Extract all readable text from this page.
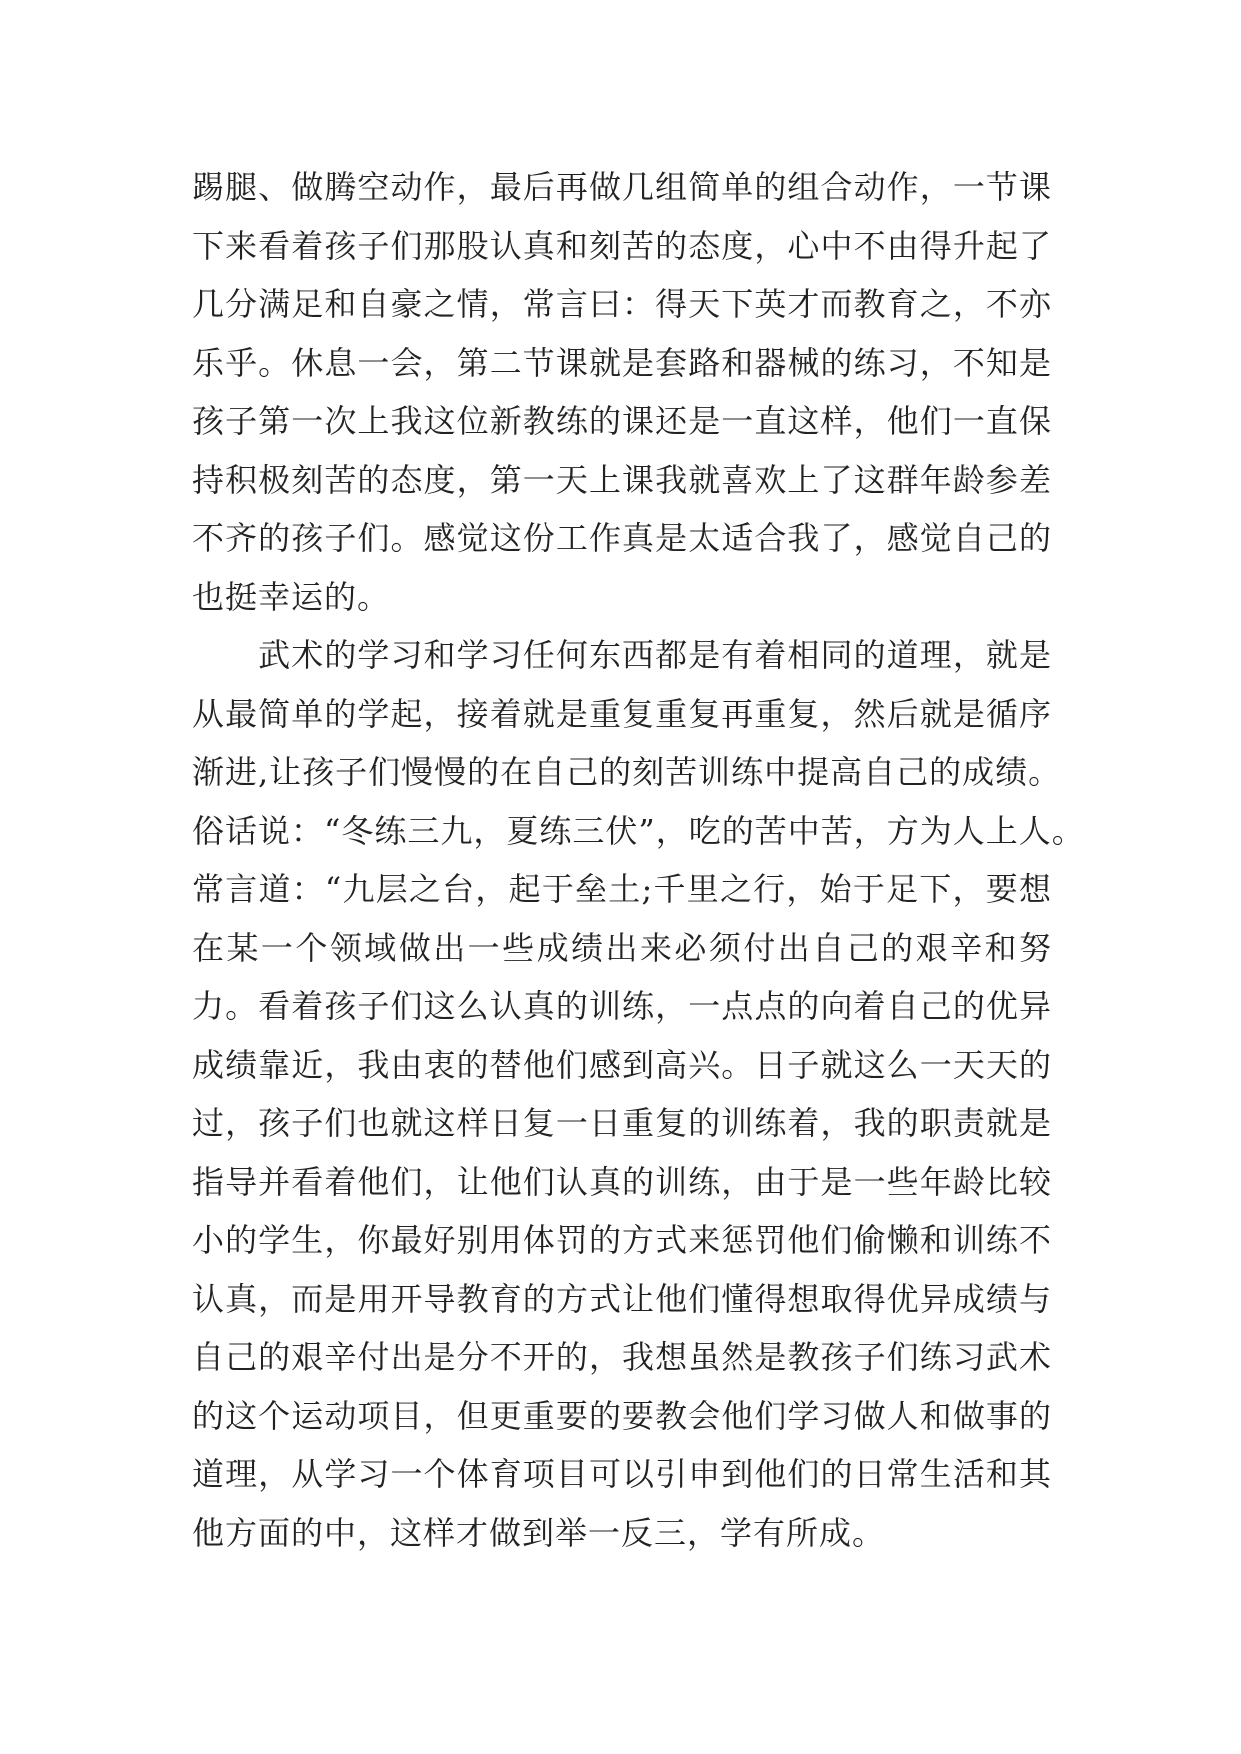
踢腿、做腾空动作，最后再做几组简单的组合动作，一节课
下来看着孩子们那股认真和刻苦的态度，心中不由得升起了
几分满足和自豪之情，常言曰：得天下英才而教育之，不亦
乐乎。休息一会，第二节课就是套路和器械的练习，不知是
孩子第一次上我这位新教练的课还是一直这样，他们一直保
持积极刻苦的态度，第一天上课我就喜欢上了这群年龄参差
不齐的孩子们。感觉这份工作真是太适合我了，感觉自己的
也挺幸运的。
　　武术的学习和学习任何东西都是有着相同的道理，就是
从最简单的学起，接着就是重复重复再重复，然后就是循序
渐进,让孩子们慢慢的在自己的刻苦训练中提高自己的成绩。
俗话说：“冬练三九，夏练三伏”，吃的苦中苦，方为人上人。
常言道：“九层之台，起于垒土;千里之行，始于足下，要想
在某一个领域做出一些成绩出来必须付出自己的艰辛和努
力。看着孩子们这么认真的训练，一点点的向着自己的优异
成绩靠近，我由衷的替他们感到高兴。日子就这么一天天的
过，孩子们也就这样日复一日重复的训练着，我的职责就是
指导并看着他们，让他们认真的训练，由于是一些年龄比较
小的学生，你最好别用体罚的方式来惩罚他们偷懒和训练不
认真，而是用开导教育的方式让他们懂得想取得优异成绩与
自己的艰辛付出是分不开的，我想虽然是教孩子们练习武术
的这个运动项目，但更重要的要教会他们学习做人和做事的
道理，从学习一个体育项目可以引申到他们的日常生活和其
他方面的中，这样才做到举一反三，学有所成。
